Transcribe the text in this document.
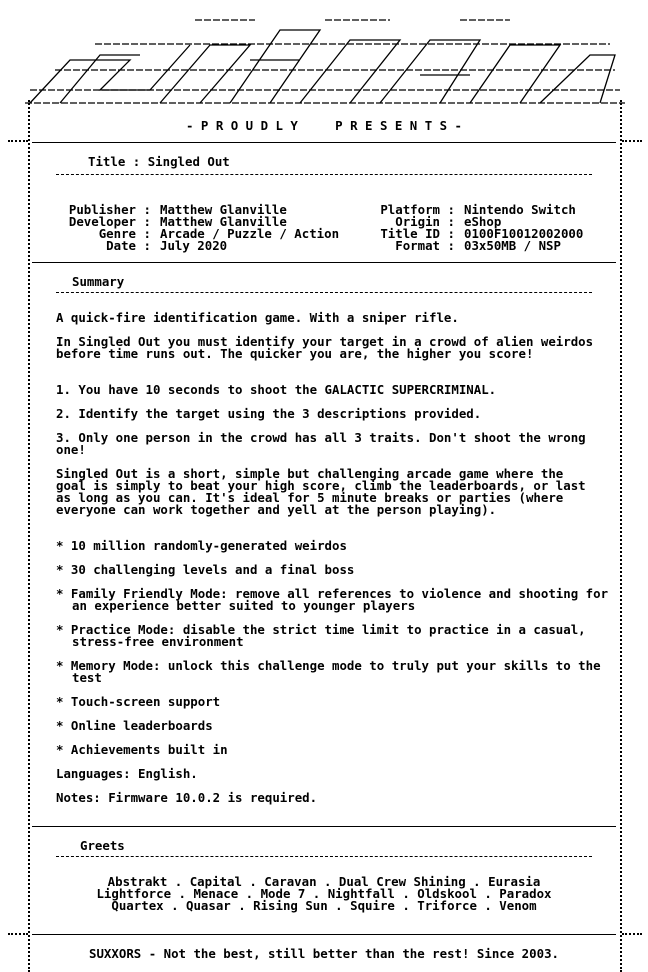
- P R O U D L Y     P R E S E N T S -
Title : Singled Out

Publisher : Matthew Glanville
Developer : Matthew Glanville
Genre : Arcade / Puzzle / Action
Date : July 2020

Platform : Nintendo Switch
Origin : eShop
Title ID : 0100F10012002000
Format : 03x50MB / NSP

Summary
A quick-fire identification game. With a sniper rifle.
In Singled Out you must identify your target in a crowd of alien weirdos before time runs out. The quicker you are, the higher you score!
1. You have 10 seconds to shoot the GALACTIC SUPERCRIMINAL.
2. Identify the target using the 3 descriptions provided.
3. Only one person in the crowd has all 3 traits. Don't shoot the wrong one!
Singled Out is a short, simple but challenging arcade game where the goal is simply to beat your high score, climb the leaderboards, or last as long as you can. It's ideal for 5 minute breaks or parties (where everyone can work together and yell at the person playing).
* 10 million randomly-generated weirdos
* 30 challenging levels and a final boss
* Family Friendly Mode: remove all references to violence and shooting for an experience better suited to younger players
* Practice Mode: disable the strict time limit to practice in a casual, stress-free environment
* Memory Mode: unlock this challenge mode to truly put your skills to the test
* Touch-screen support
* Online leaderboards
* Achievements built in
Languages: English.
Notes: Firmware 10.0.2 is required.
Greets
Abstrakt . Capital . Caravan . Dual Crew Shining . Eurasia
Lightforce . Menace . Mode 7 . Nightfall . Oldskool . Paradox
Quartex . Quasar . Rising Sun . Squire . Triforce . Venom
SUXXORS - Not the best, still better than the rest! Since 2003.
